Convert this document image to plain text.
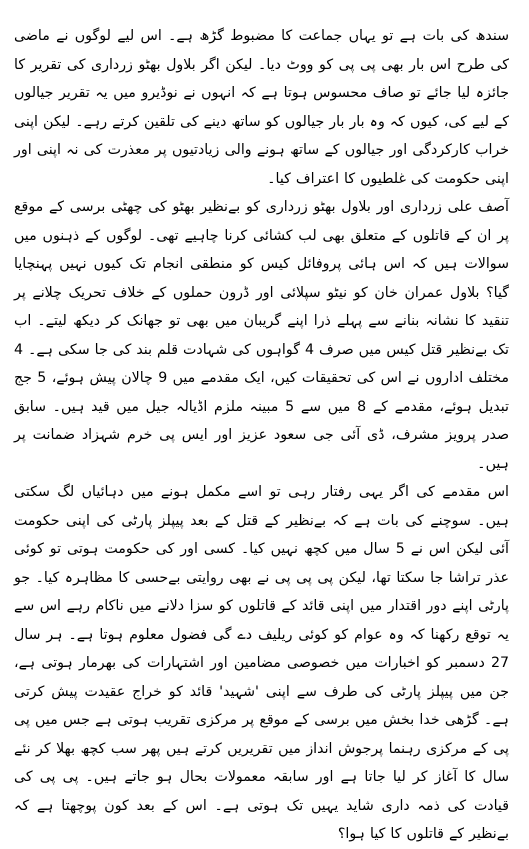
سندھ کی بات ہے تو یہاں جماعت کا مضبوط گڑھ ہے۔ اس لیے لوگوں نے ماضی کی طرح اس بار بھی پی پی کو ووٹ دیا۔ لیکن اگر بلاول بھٹو زرداری کی تقریر کا جائزہ لیا جائے تو صاف محسوس ہوتا ہے کہ انہوں نے نوڈیرو میں یہ تقریر جیالوں کے لیے کی، کیوں کہ وہ بار بار جیالوں کو ساتھ دینے کی تلقین کرتے رہے۔ لیکن اپنی خراب کارکردگی اور جیالوں کے ساتھ ہونے والی زیادتیوں پر معذرت کی نہ اپنی اور اپنی حکومت کی غلطیوں کا اعتراف کیا۔

آصف علی زرداری اور بلاول بھٹو زرداری کو بےنظیر بھٹو کی چھٹی برسی کے موقع پر ان کے قاتلوں کے متعلق بھی لب کشائی کرنا چاہیے تھی۔ لوگوں کے ذہنوں میں سوالات ہیں کہ اس ہائی پروفائل کیس کو منطقی انجام تک کیوں نہیں پہنچایا گیا؟ بلاول عمران خان کو نیٹو سپلائی اور ڈرون حملوں کے خلاف تحریک چلانے پر تنقید کا نشانہ بنانے سے پہلے ذرا اپنے گریبان میں بھی تو جھانک کر دیکھ لیتے۔ اب تک بےنظیر قتل کیس میں صرف 4 گواہوں کی شہادت قلم بند کی جا سکی ہے۔ 4 مختلف اداروں نے اس کی تحقیقات کیں، ایک مقدمے میں 9 چالان پیش ہوئے، 5 جج تبدیل ہوئے، مقدمے کے 8 میں سے 5 مبینہ ملزم اڈیالہ جیل میں قید ہیں۔ سابق صدر پرویز مشرف، ڈی آئی جی سعود عزیز اور ایس پی خرم شہزاد ضمانت پر ہیں۔

اس مقدمے کی اگر یہی رفتار رہی تو اسے مکمل ہونے میں دہائیاں لگ سکتی ہیں۔ سوچنے کی بات ہے کہ بےنظیر کے قتل کے بعد پیپلز پارٹی کی اپنی حکومت آئی لیکن اس نے 5 سال میں کچھ نہیں کیا۔ کسی اور کی حکومت ہوتی تو کوئی عذر تراشا جا سکتا تھا، لیکن پی پی پی نے بھی روایتی بےحسی کا مظاہرہ کیا۔ جو پارٹی اپنے دور اقتدار میں اپنی قائد کے قاتلوں کو سزا دلانے میں ناکام رہے اس سے یہ توقع رکھنا کہ وہ عوام کو کوئی ریلیف دے گی فضول معلوم ہوتا ہے۔ ہر سال 27 دسمبر کو اخبارات میں خصوصی مضامین اور اشتہارات کی بھرمار ہوتی ہے، جن میں پیپلز پارٹی کی طرف سے اپنی 'شہید' قائد کو خراج عقیدت پیش کرتی ہے۔ گڑھی خدا بخش میں برسی کے موقع پر مرکزی تقریب ہوتی ہے جس میں پی پی کے مرکزی رہنما پرجوش انداز میں تقریریں کرتے ہیں پھر سب کچھ بھلا کر نئے سال کا آغاز کر لیا جاتا ہے اور سابقہ معمولات بحال ہو جاتے ہیں۔ پی پی کی قیادت کی ذمہ داری شاید یہیں تک ہوتی ہے۔ اس کے بعد کون پوچھتا ہے کہ بےنظیر کے قاتلوں کا کیا ہوا؟
